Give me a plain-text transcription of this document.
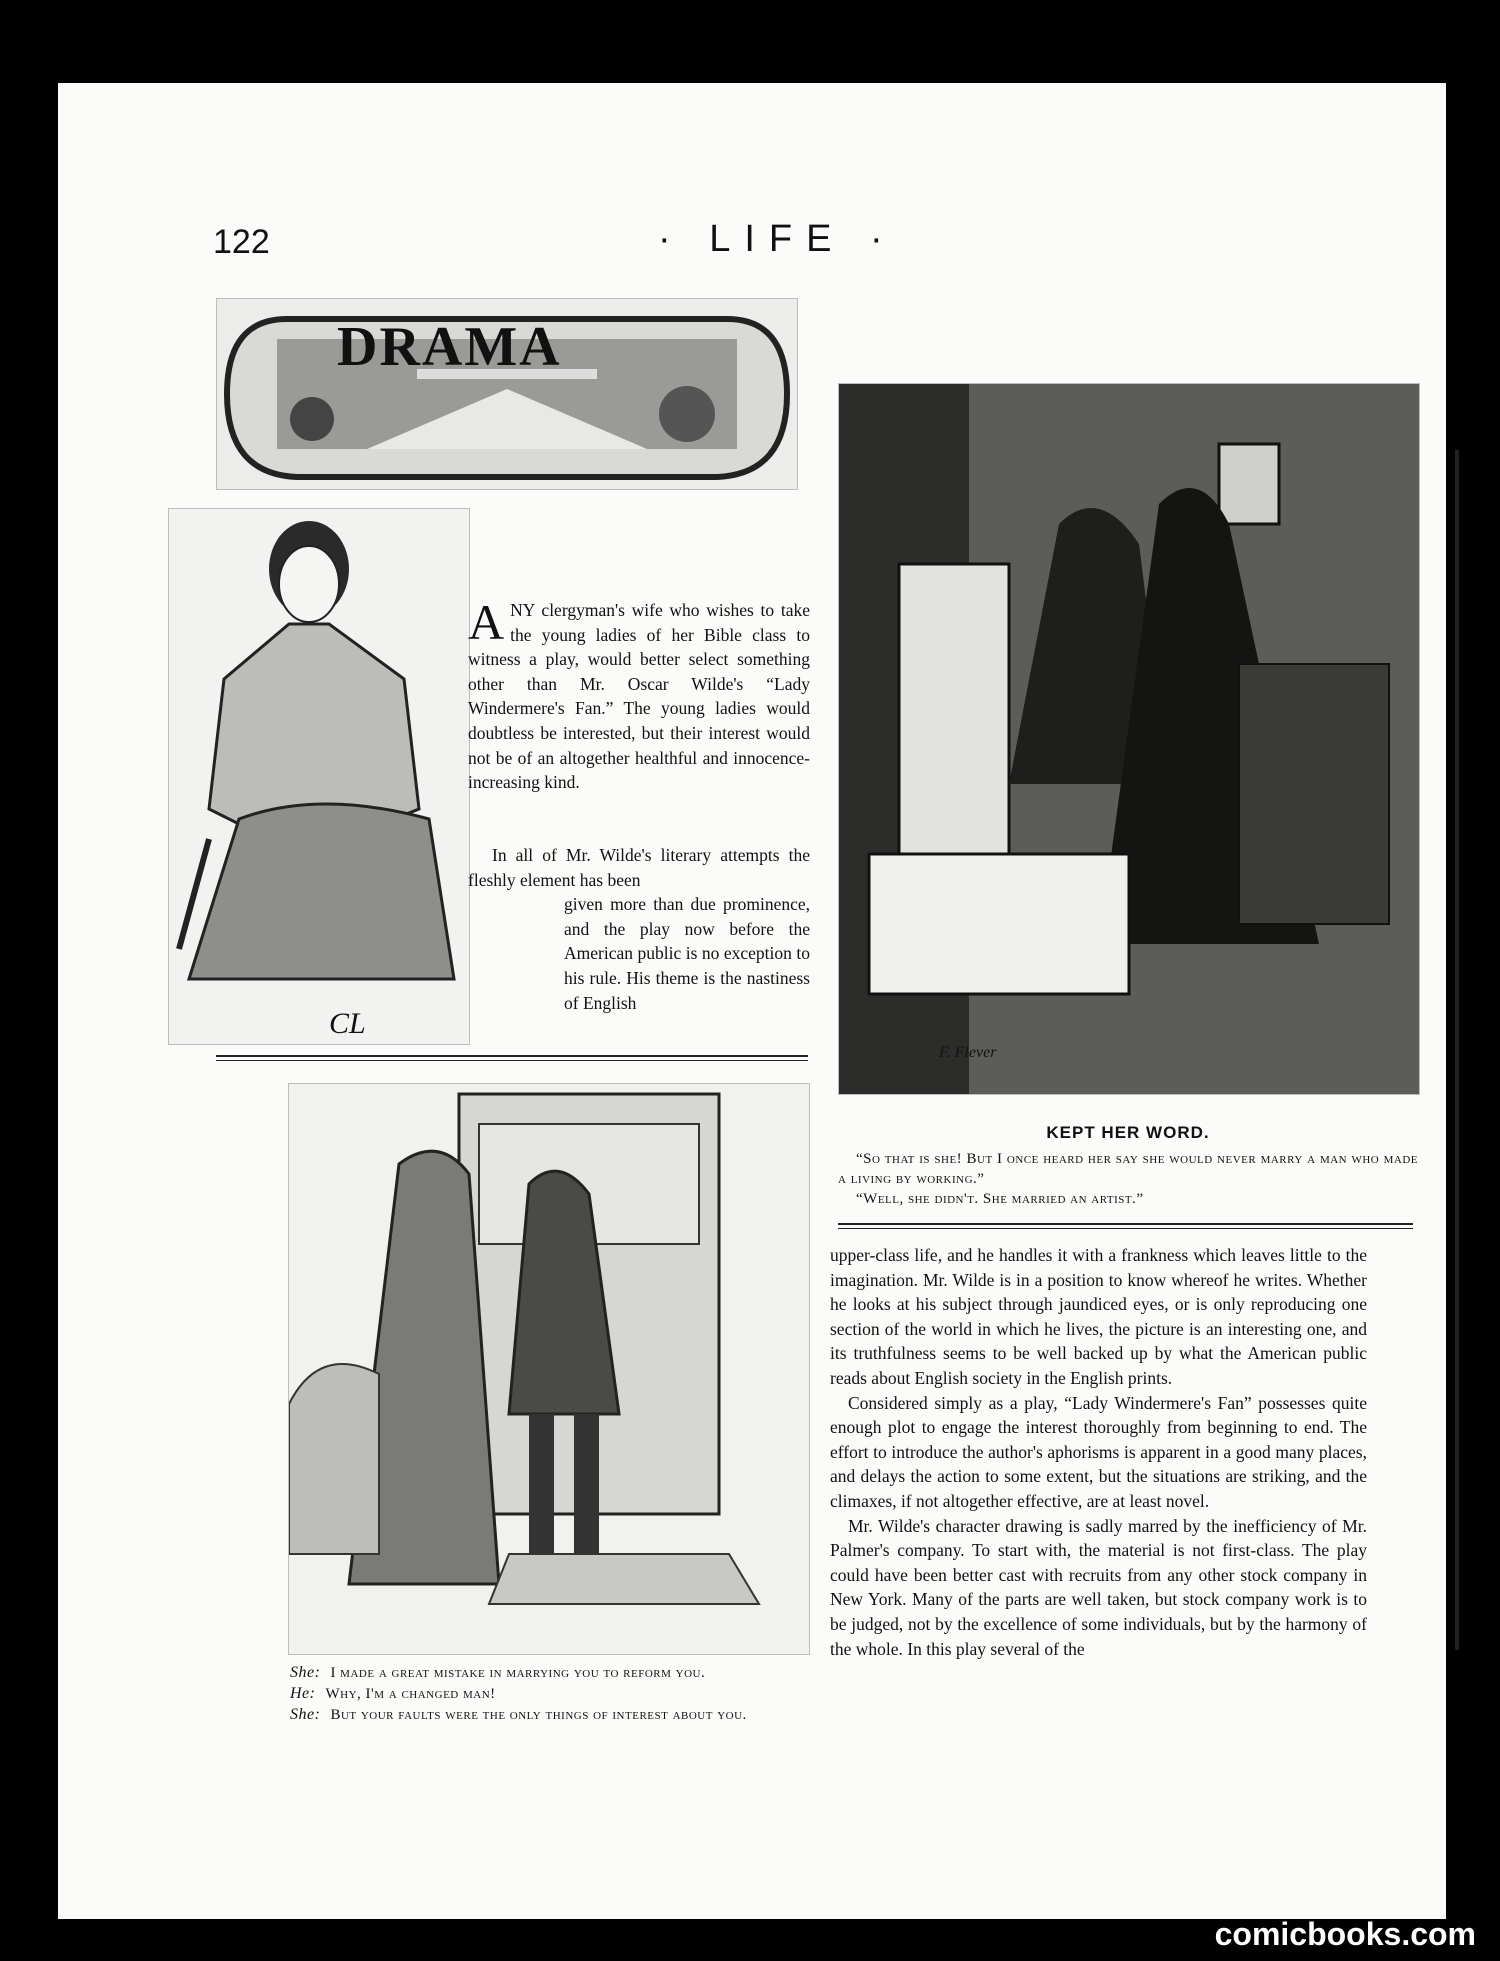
122	· LIFE ·
DRAMA
CL
ANY clergyman's wife who wishes to take the young ladies of her Bible class to witness a play, would better select something other than Mr. Oscar Wilde's “Lady Windermere's Fan.” The young ladies would doubtless be interested, but their interest would not be of an altogether healthful and innocence-increasing kind.
In all of Mr. Wilde's literary attempts the fleshly element has been
given more than due prominence, and the play now before the American public is no exception to his rule. His theme is the nastiness of English
F. Flever
KEPT HER WORD.
“So that is she! But I once heard her say she would never marry a man who made a living by working.”
“Well, she didn't. She married an artist.”

She: I made a great mistake in marrying you to reform you.

He: Why, I'm a changed man!

She: But your faults were the only things of interest about you.

upper-class life, and he handles it with a frankness which leaves little to the imagination. Mr. Wilde is in a position to know whereof he writes. Whether he looks at his subject through jaundiced eyes, or is only reproducing one section of the world in which he lives, the picture is an interesting one, and its truthfulness seems to be well backed up by what the American public reads about English society in the English prints.

Considered simply as a play, “Lady Windermere's Fan” possesses quite enough plot to engage the interest thoroughly from beginning to end. The effort to introduce the author's aphorisms is apparent in a good many places, and delays the action to some extent, but the situations are striking, and the climaxes, if not altogether effective, are at least novel.

Mr. Wilde's character drawing is sadly marred by the inefficiency of Mr. Palmer's company. To start with, the material is not first-class. The play could have been better cast with recruits from any other stock company in New York. Many of the parts are well taken, but stock company work is to be judged, not by the excellence of some individuals, but by the harmony of the whole. In this play several of the

comicbooks.com
